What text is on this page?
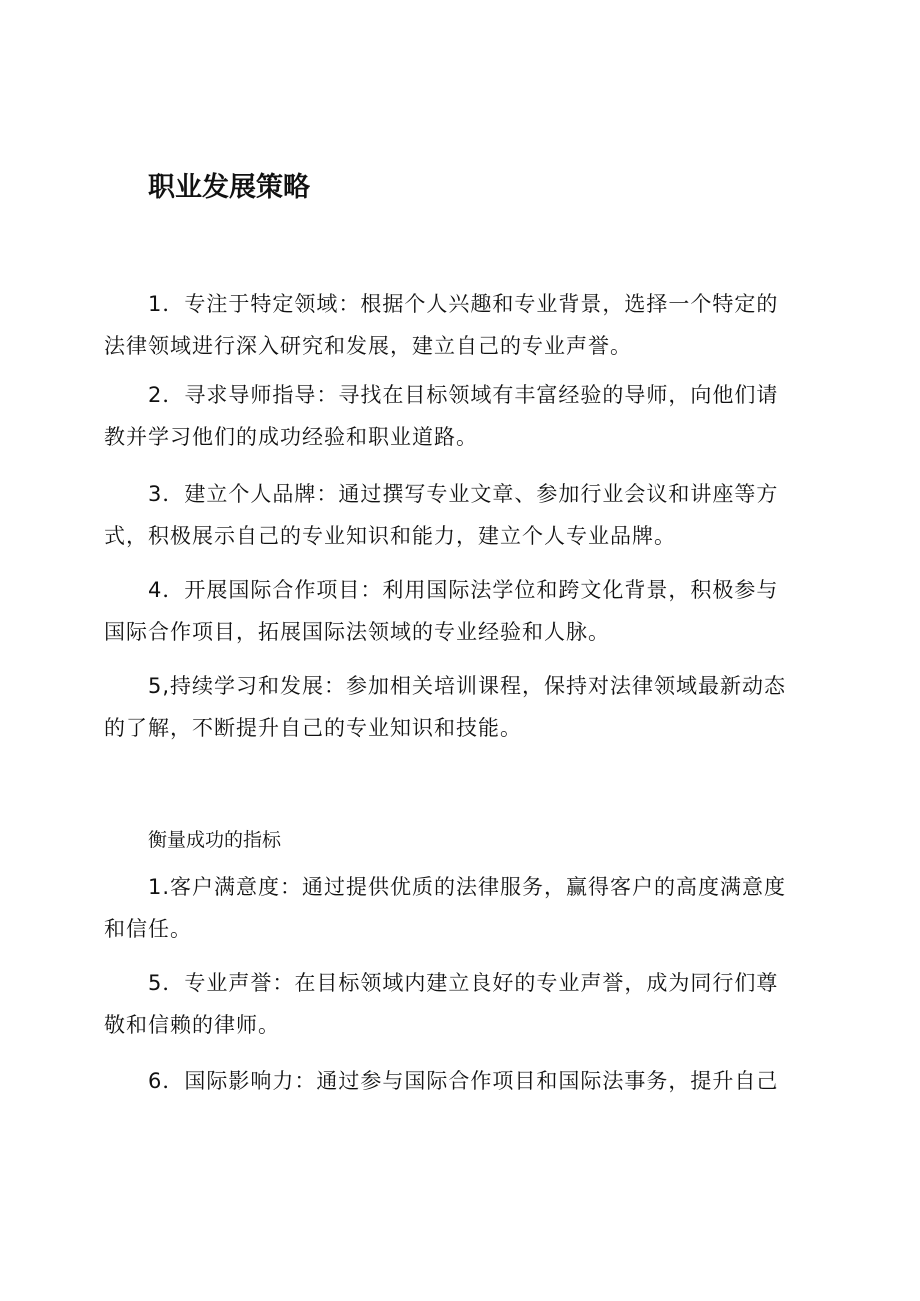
职业发展策略
1．专注于特定领域：根据个人兴趣和专业背景，选择一个特定的
法律领域进行深入研究和发展，建立自己的专业声誉。
2．寻求导师指导：寻找在目标领域有丰富经验的导师，向他们请
教并学习他们的成功经验和职业道路。
3．建立个人品牌：通过撰写专业文章、参加行业会议和讲座等方
式，积极展示自己的专业知识和能力，建立个人专业品牌。
4．开展国际合作项目：利用国际法学位和跨文化背景，积极参与
国际合作项目，拓展国际法领域的专业经验和人脉。
5,持续学习和发展：参加相关培训课程，保持对法律领域最新动态
的了解，不断提升自己的专业知识和技能。
衡量成功的指标
1.客户满意度：通过提供优质的法律服务，赢得客户的高度满意度
和信任。
5．专业声誉：在目标领域内建立良好的专业声誉，成为同行们尊
敬和信赖的律师。
6．国际影响力：通过参与国际合作项目和国际法事务，提升自己
